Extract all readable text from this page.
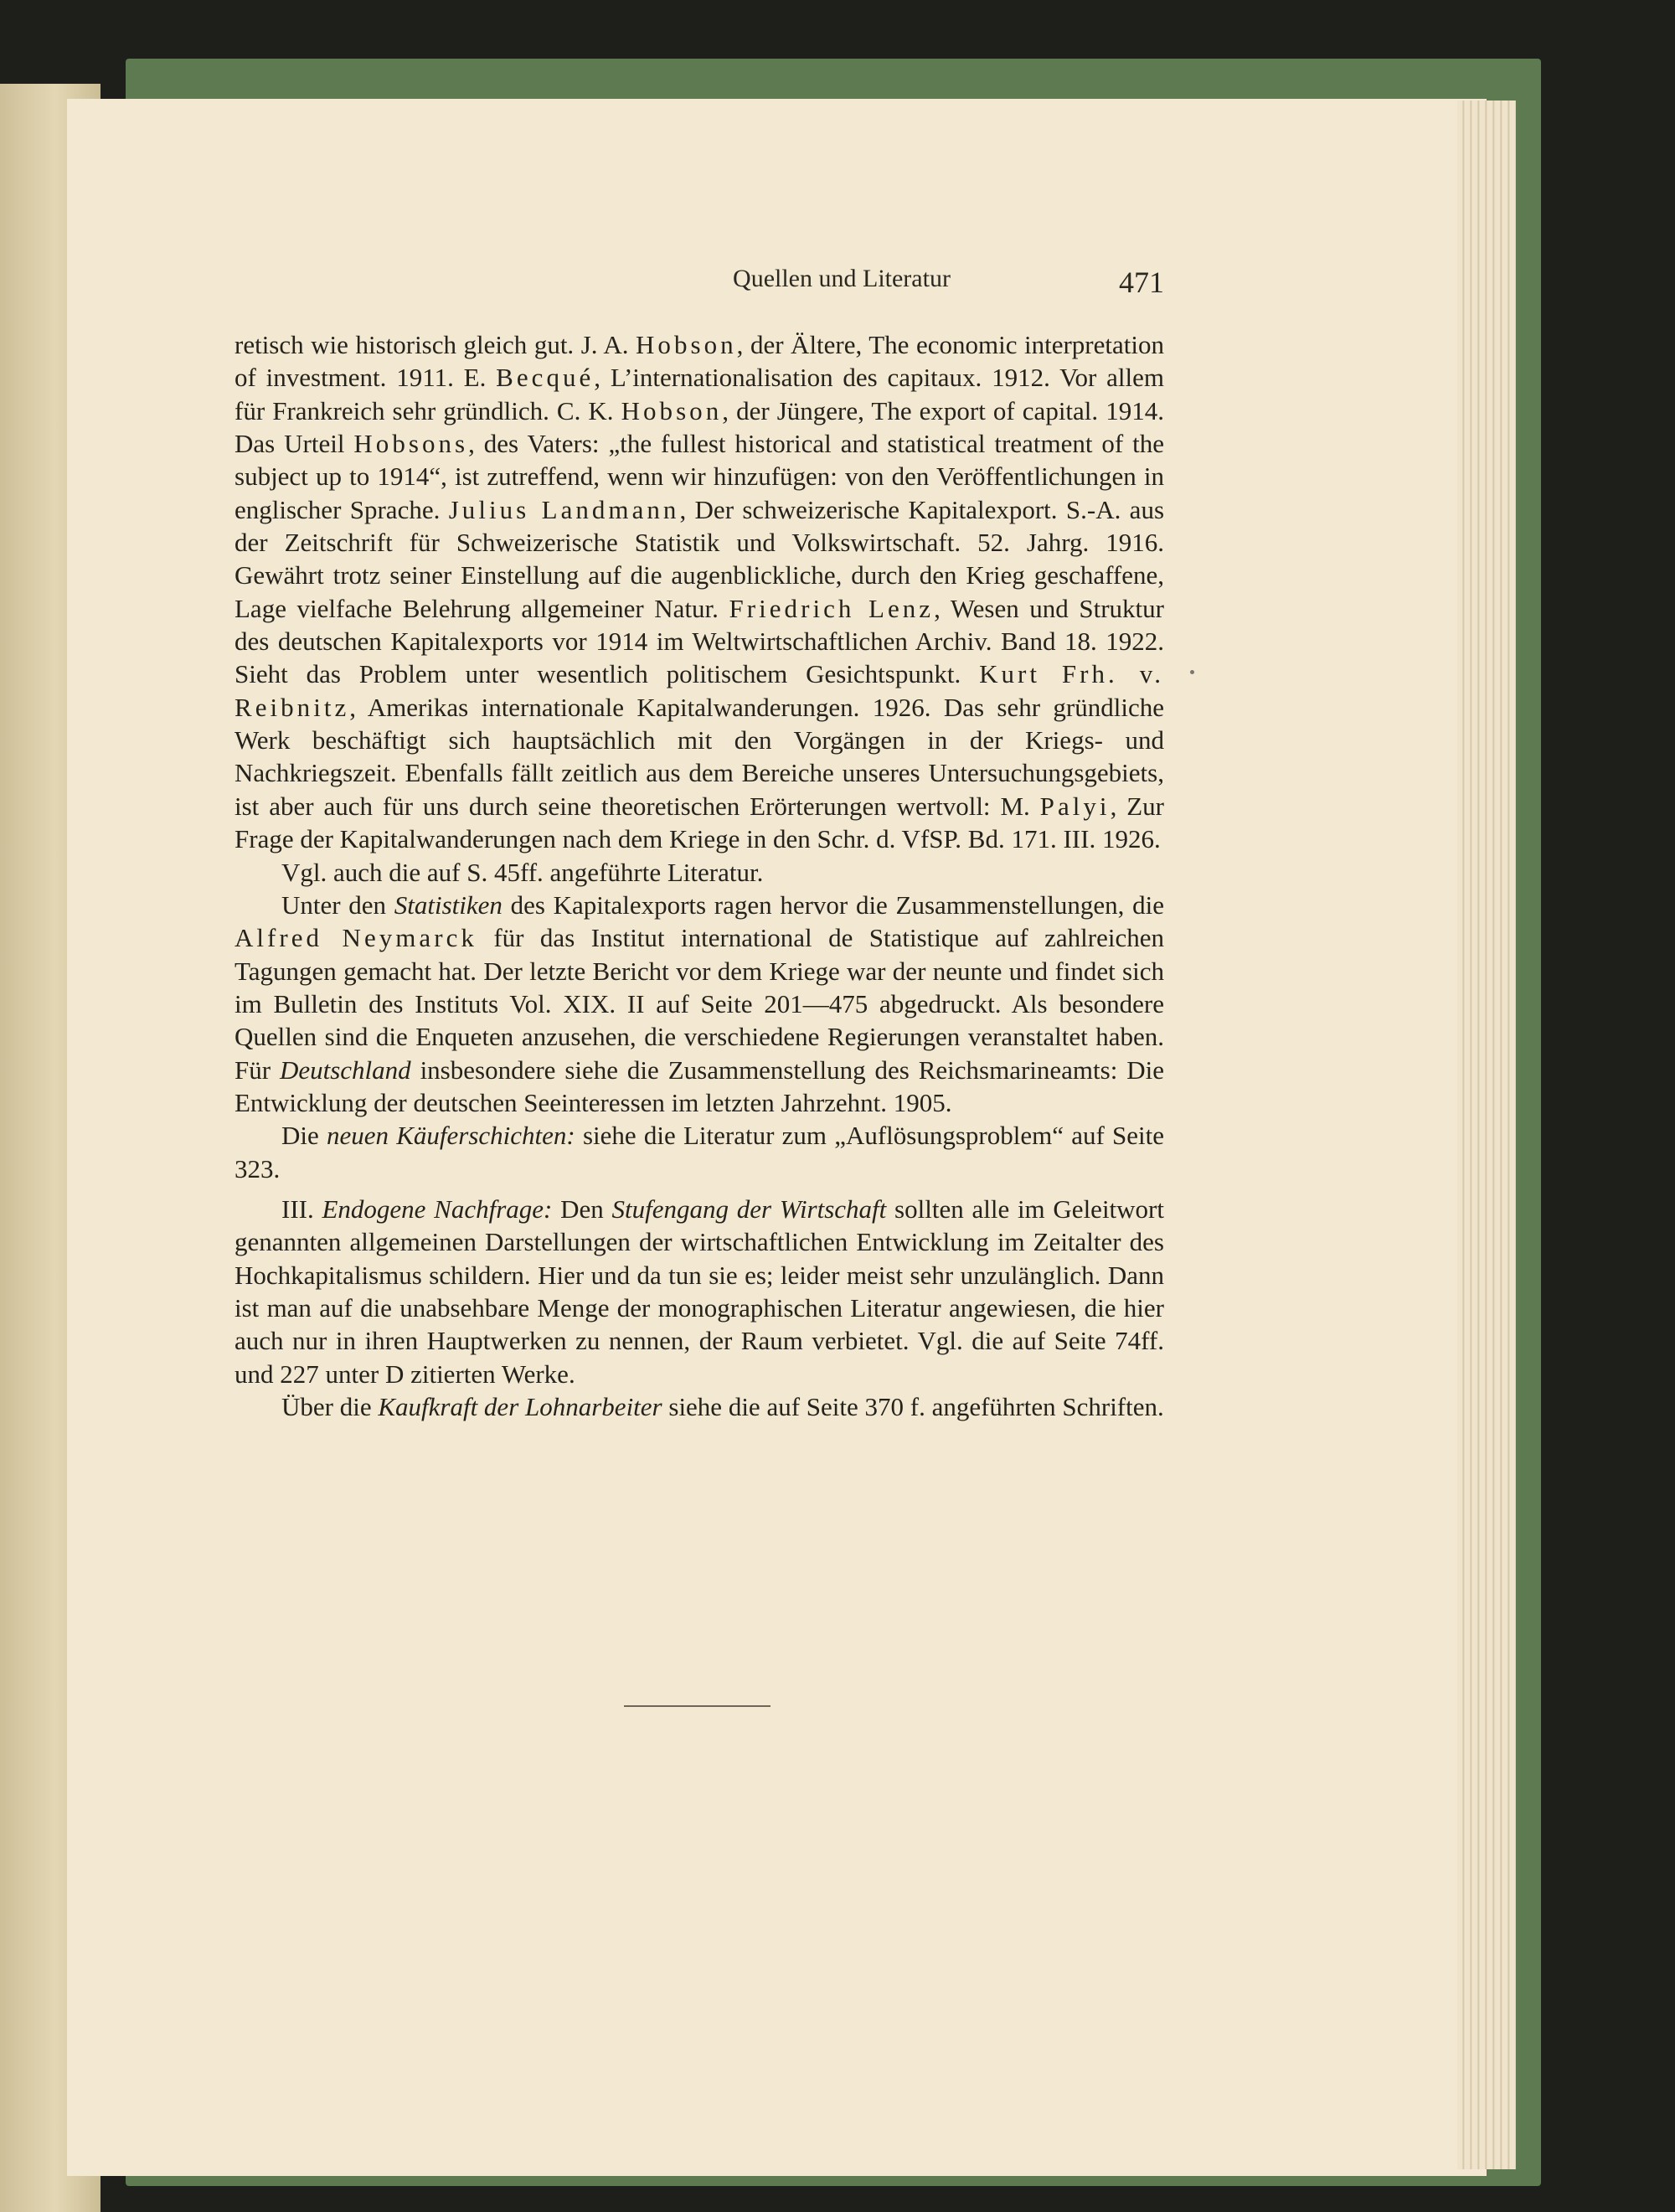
Quellen und Literatur	471

retisch wie historisch gleich gut. J. A. Hobson, der Ältere, The economic interpretation of investment. 1911. E. Becqué, L’internationalisation des capitaux. 1912. Vor allem für Frankreich sehr gründlich. C. K. Hobson, der Jüngere, The export of capital. 1914. Das Urteil Hobsons, des Vaters: „the fullest historical and statistical treatment of the subject up to 1914“, ist zutreffend, wenn wir hinzufügen: von den Veröffentlichungen in englischer Sprache. Julius Landmann, Der schweizerische Kapitalexport. S.-A. aus der Zeitschrift für Schweizerische Statistik und Volkswirtschaft. 52. Jahrg. 1916. Gewährt trotz seiner Einstellung auf die augenblickliche, durch den Krieg geschaffene, Lage vielfache Belehrung allgemeiner Natur. Friedrich Lenz, Wesen und Struktur des deutschen Kapitalexports vor 1914 im Weltwirtschaftlichen Archiv. Band 18. 1922. Sieht das Problem unter wesentlich politischem Gesichtspunkt. Kurt Frh. v. Reibnitz, Amerikas internationale Kapitalwanderungen. 1926. Das sehr gründliche Werk beschäftigt sich hauptsächlich mit den Vorgängen in der Kriegs- und Nachkriegszeit. Ebenfalls fällt zeitlich aus dem Bereiche unseres Untersuchungsgebiets, ist aber auch für uns durch seine theoretischen Erörterungen wertvoll: M. Palyi, Zur Frage der Kapitalwanderungen nach dem Kriege in den Schr. d. VfSP. Bd. 171. III. 1926.

Vgl. auch die auf S. 45ff. angeführte Literatur.

Unter den Statistiken des Kapitalexports ragen hervor die Zusammenstellungen, die Alfred Neymarck für das Institut international de Statistique auf zahlreichen Tagungen gemacht hat. Der letzte Bericht vor dem Kriege war der neunte und findet sich im Bulletin des Instituts Vol. XIX. II auf Seite 201—475 abgedruckt. Als besondere Quellen sind die Enqueten anzusehen, die verschiedene Regierungen veranstaltet haben. Für Deutschland insbesondere siehe die Zusammenstellung des Reichsmarineamts: Die Entwicklung der deutschen Seeinteressen im letzten Jahrzehnt. 1905.

Die neuen Käuferschichten: siehe die Literatur zum „Auflösungsproblem“ auf Seite 323.

III. Endogene Nachfrage: Den Stufengang der Wirtschaft sollten alle im Geleitwort genannten allgemeinen Darstellungen der wirtschaftlichen Entwicklung im Zeitalter des Hochkapitalismus schildern. Hier und da tun sie es; leider meist sehr unzulänglich. Dann ist man auf die unabsehbare Menge der monographischen Literatur angewiesen, die hier auch nur in ihren Hauptwerken zu nennen, der Raum verbietet. Vgl. die auf Seite 74ff. und 227 unter D zitierten Werke.

Über die Kaufkraft der Lohnarbeiter siehe die auf Seite 370 f. angeführten Schriften.
